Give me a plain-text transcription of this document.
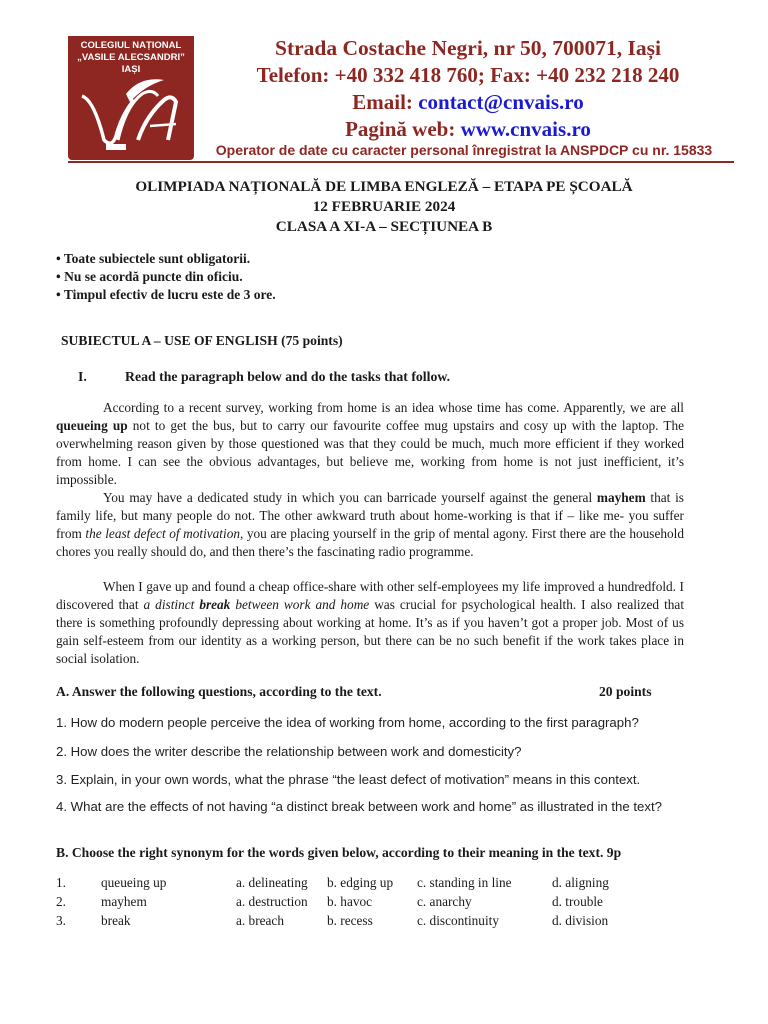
COLEGIUL NAȚIONAL
„VASILE ALECSANDRI”
IAȘI
Strada Costache Negri, nr 50, 700071, Iași
Telefon: +40 332 418 760; Fax: +40 232 218 240
Email: contact@cnvais.ro
Pagină web: www.cnvais.ro
Operator de date cu caracter personal înregistrat la ANSPDCP cu nr. 15833
OLIMPIADA NAȚIONALĂ DE LIMBA ENGLEZĂ – ETAPA PE ȘCOALĂ
12 FEBRUARIE 2024
CLASA A XI-A – SECȚIUNEA B
• Toate subiectele sunt obligatorii.
• Nu se acordă puncte din oficiu.
• Timpul efectiv de lucru este de 3 ore.
SUBIECTUL A – USE OF ENGLISH (75 points)
I.	Read the paragraph below and do the tasks that follow.

According to a recent survey, working from home is an idea whose time has come. Apparently, we are all queueing up not to get the bus, but to carry our favourite coffee mug upstairs and cosy up with the laptop. The overwhelming reason given by those questioned was that they could be much, much more efficient if they worked from home. I can see the obvious advantages, but believe me, working from home is not just inefficient, it’s impossible.

You may have a dedicated study in which you can barricade yourself against the general mayhem that is family life, but many people do not. The other awkward truth about home-working is that if – like me- you suffer from the least defect of motivation, you are placing yourself in the grip of mental agony. First there are the household chores you really should do, and then there’s the fascinating radio programme.

When I gave up and found a cheap office-share with other self-employees my life improved a hundredfold. I discovered that a distinct break between work and home was crucial for psychological health. I also realized that there is something profoundly depressing about working at home. It’s as if you haven’t got a proper job. Most of us gain self-esteem from our identity as a working person, but there can be no such benefit if the work takes place in social isolation.

A. Answer the following questions, according to the text.	20 points
1. How do modern people perceive the idea of working from home, according to the first paragraph?
2. How does the writer describe the relationship between work and domesticity?
3. Explain, in your own words, what the phrase “the least defect of motivation” means in this context.
4. What are the effects of not having “a distinct break between work and home” as illustrated in the text?
B. Choose the right synonym for the words given below, according to their meaning in the text. 9p
1.	queueing up	a. delineating b. edging up c. standing in line	d. aligning
2.	mayhem	a. destruction b. havoc	c. anarchy	d. trouble
3.	break	a. breach	b. recess	c. discontinuity	d. division
